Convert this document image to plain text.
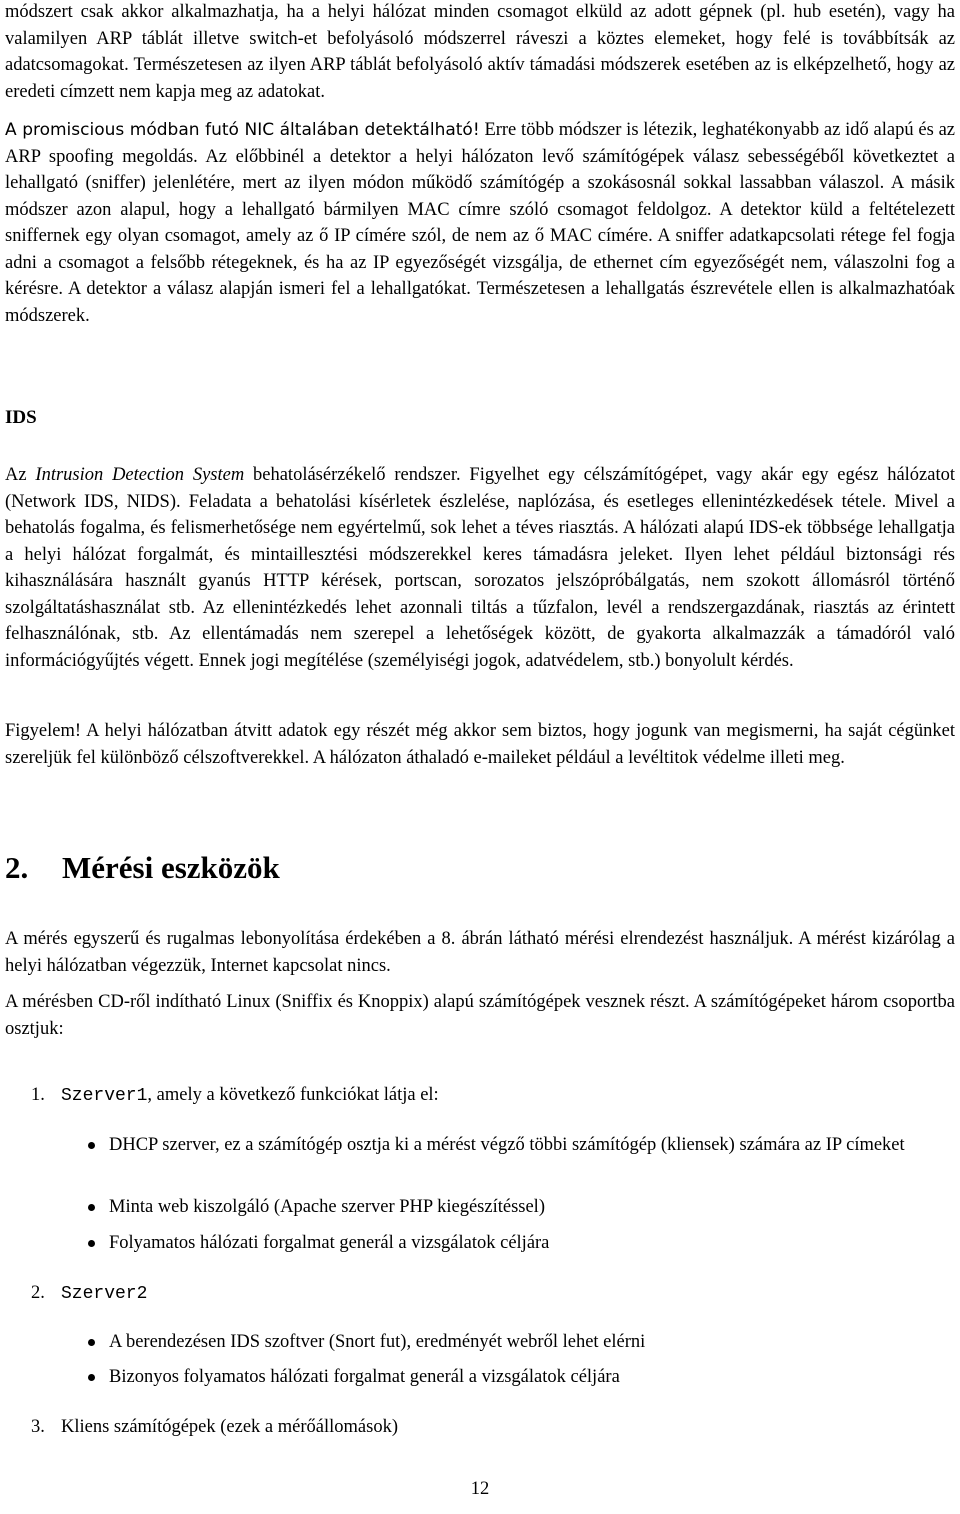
módszert csak akkor alkalmazhatja, ha a helyi hálózat minden csomagot elküld az adott gépnek (pl. hub esetén), vagy ha valamilyen ARP táblát illetve switch-et befolyásoló módszerrel ráveszi a köztes elemeket, hogy felé is továbbítsák az adatcsomagokat. Természetesen az ilyen ARP táblát befolyásoló aktív támadási módszerek esetében az is elképzelhető, hogy az eredeti címzett nem kapja meg az adatokat.

A promiscious módban futó NIC általában detektálható! Erre több módszer is létezik, leghatékonyabb az idő alapú és az ARP spoofing megoldás. Az előbbinél a detektor a helyi hálózaton levő számítógépek válasz sebességéből következtet a lehallgató (sniffer) jelenlétére, mert az ilyen módon működő számítógép a szokásosnál sokkal lassabban válaszol. A másik módszer azon alapul, hogy a lehallgató bármilyen MAC címre szóló csomagot feldolgoz. A detektor küld a feltételezett sniffernek egy olyan csomagot, amely az ő IP címére szól, de nem az ő MAC címére. A sniffer adatkapcsolati rétege fel fogja adni a csomagot a felsőbb rétegeknek, és ha az IP egyezőségét vizsgálja, de ethernet cím egyezőségét nem, válaszolni fog a kérésre. A detektor a válasz alapján ismeri fel a lehallgatókat. Természetesen a lehallgatás észrevétele ellen is alkalmazhatóak módszerek.

IDS

Az Intrusion Detection System behatolásérzékelő rendszer. Figyelhet egy célszámítógépet, vagy akár egy egész hálózatot (Network IDS, NIDS). Feladata a behatolási kísérletek észlelése, naplózása, és esetleges ellenintézkedések tétele. Mivel a behatolás fogalma, és felismerhetősége nem egyértelmű, sok lehet a téves riasztás. A hálózati alapú IDS-ek többsége lehallgatja a helyi hálózat forgalmát, és mintaillesztési módszerekkel keres támadásra jeleket. Ilyen lehet például biztonsági rés kihasználására használt gyanús HTTP kérések, portscan, sorozatos jelszópróbálgatás, nem szokott állomásról történő szolgáltatáshasználat stb. Az ellenintézkedés lehet azonnali tiltás a tűzfalon, levél a rendszergazdának, riasztás az érintett felhasználónak, stb. Az ellentámadás nem szerepel a lehetőségek között, de gyakorta alkalmazzák a támadóról való információgyűjtés végett. Ennek jogi megítélése (személyiségi jogok, adatvédelem, stb.) bonyolult kérdés.

Figyelem! A helyi hálózatban átvitt adatok egy részét még akkor sem biztos, hogy jogunk van megismerni, ha saját cégünket szereljük fel különböző célszoftverekkel. A hálózaton áthaladó e-maileket például a levéltitok védelme illeti meg.

2. Mérési eszközök

A mérés egyszerű és rugalmas lebonyolítása érdekében a 8. ábrán látható mérési elrendezést használjuk. A mérést kizárólag a helyi hálózatban végezzük, Internet kapcsolat nincs.

A mérésben CD-ről indítható Linux (Sniffix és Knoppix) alapú számítógépek vesznek részt. A számítógépeket három csoportba osztjuk:

1. Szerver1, amely a következő funkciókat látja el:
DHCP szerver, ez a számítógép osztja ki a mérést végző többi számítógép (kliensek) számára az IP címeket
Minta web kiszolgáló (Apache szerver PHP kiegészítéssel)
Folyamatos hálózati forgalmat generál a vizsgálatok céljára
2. Szerver2
A berendezésen IDS szoftver (Snort fut), eredményét webről lehet elérni
Bizonyos folyamatos hálózati forgalmat generál a vizsgálatok céljára
3. Kliens számítógépek (ezek a mérőállomások)
12
